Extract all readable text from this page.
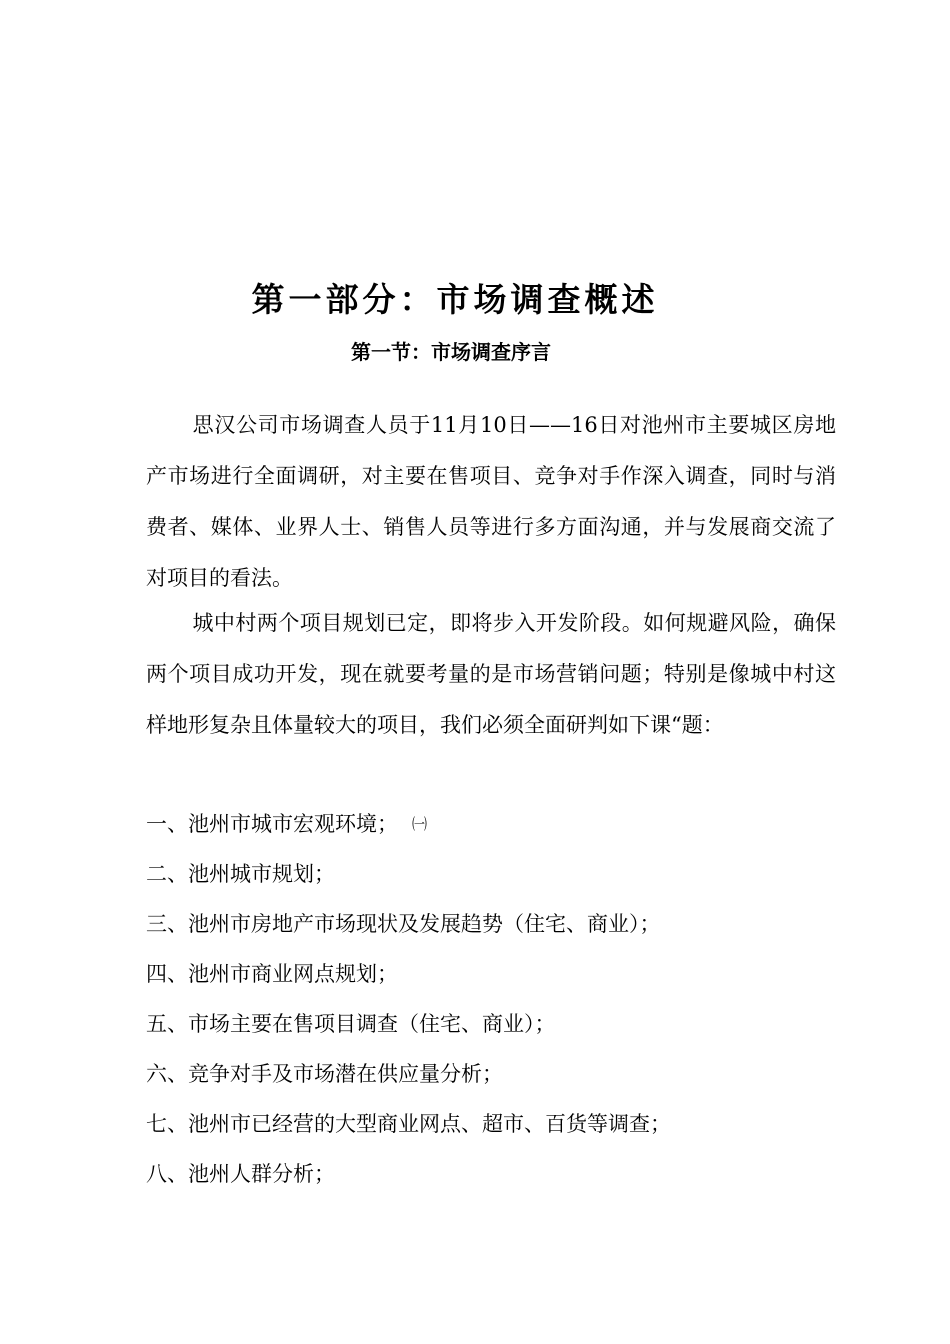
第一部分：市场调查概述
第一节：市场调查序言

思汉公司市场调查人员于11月10日——16日对池州市主要城区房地产市场进行全面调研，对主要在售项目、竞争对手作深入调查，同时与消费者、媒体、业界人士、销售人员等进行多方面沟通，并与发展商交流了对项目的看法。

城中村两个项目规划已定，即将步入开发阶段。如何规避风险，确保两个项目成功开发，现在就要考量的是市场营销问题；特别是像城中村这样地形复杂且体量较大的项目，我们必须全面研判如下课“题：

一、池州市城市宏观环境； ㈠

二、池州城市规划；

三、池州市房地产市场现状及发展趋势（住宅、商业）；

四、池州市商业网点规划；

五、市场主要在售项目调查（住宅、商业）；

六、竞争对手及市场潜在供应量分析；

七、池州市已经营的大型商业网点、超市、百货等调查；

八、池州人群分析；
